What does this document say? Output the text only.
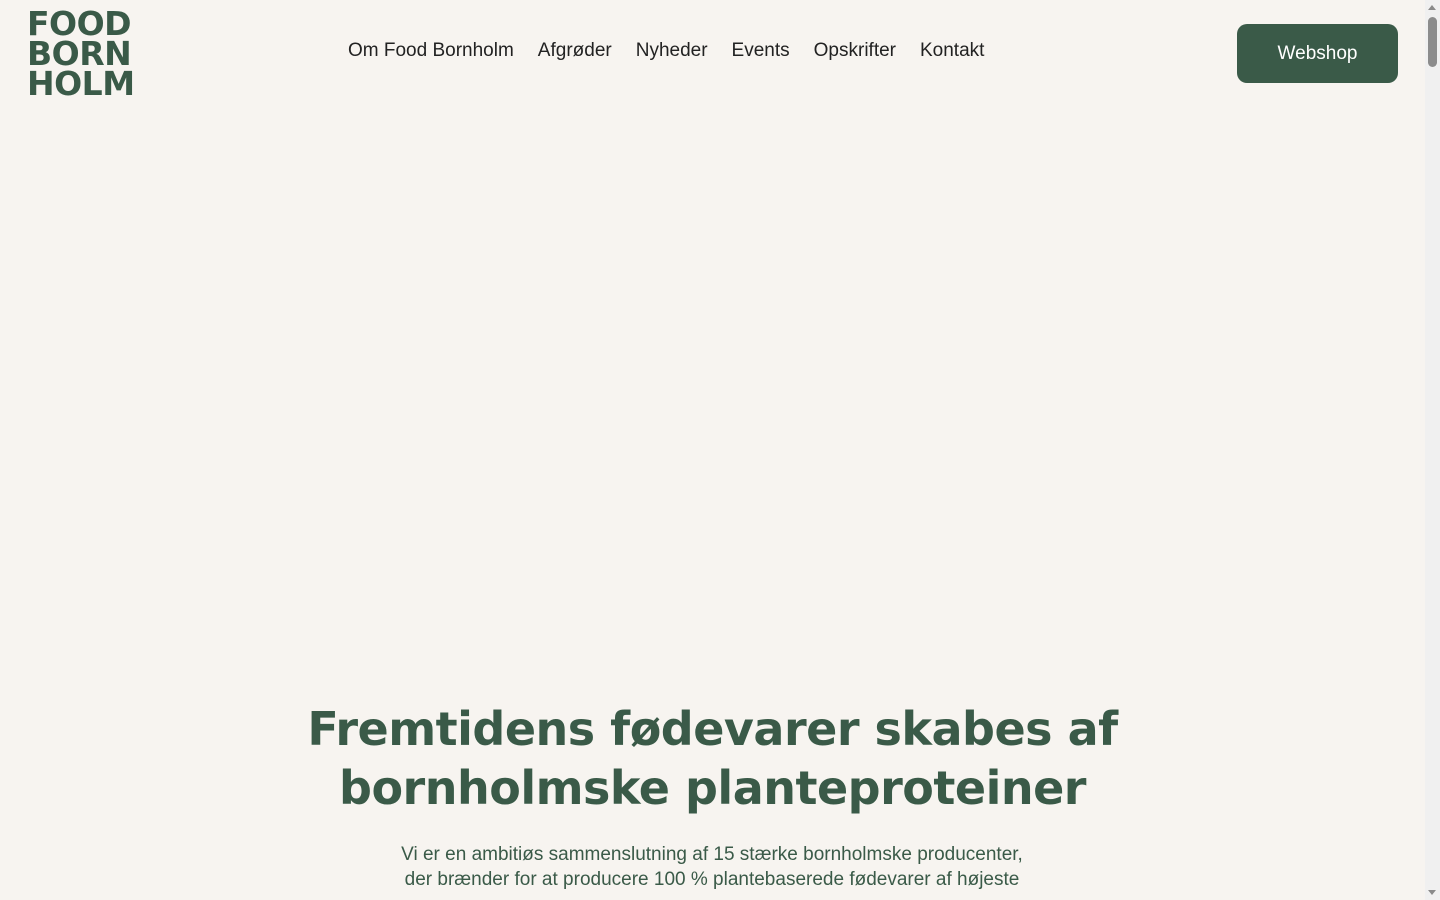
FOOD
BORN
HOLM
Om Food Bornholm Afgrøder Nyheder Events Opskrifter Kontakt	Webshop
Fremtidens fødevarer skabes af
bornholmske planteproteiner

Vi er en ambitiøs sammenslutning af 15 stærke bornholmske producenter,
der brænder for at producere 100 % plantebaserede fødevarer af højeste
